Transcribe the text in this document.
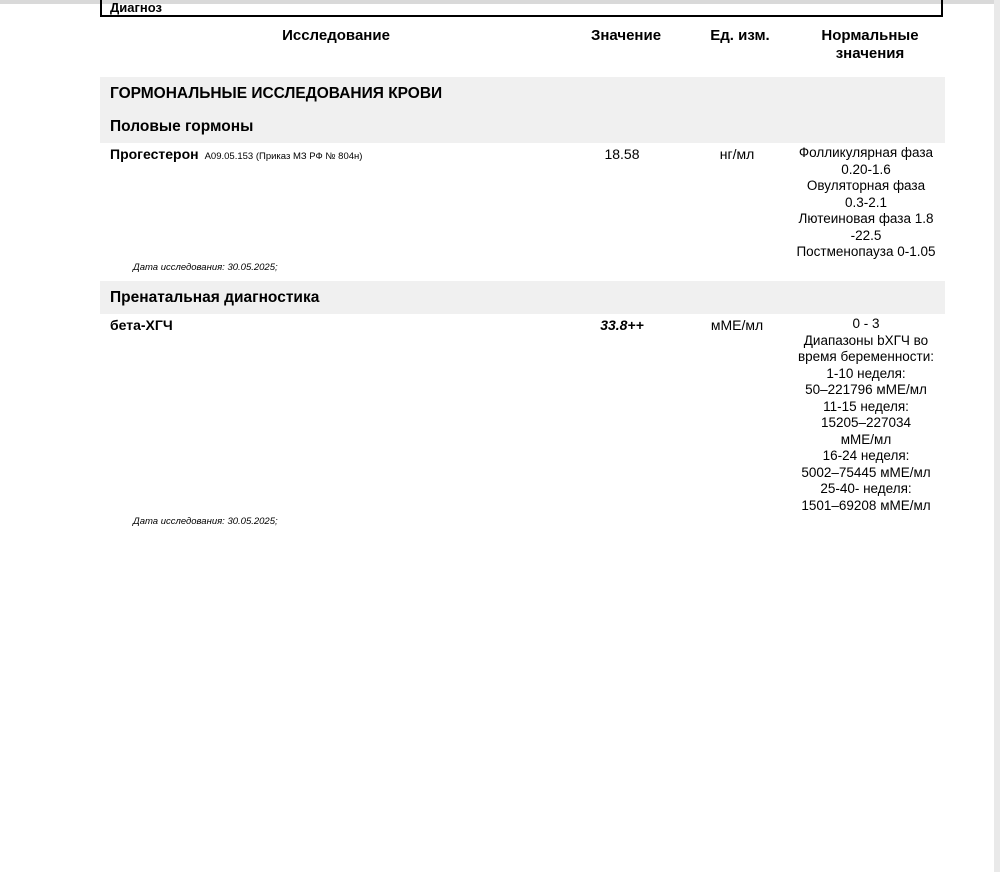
Диагноз
Исследование	Значение	Ед. изм.	Нормальные
значения
ГОРМОНАЛЬНЫЕ ИССЛЕДОВАНИЯ КРОВИ
Половые гормоны
Прогестерон A09.05.153 (Приказ МЗ РФ № 804н)	18.58	нг/мл	Фолликулярная фаза
0.20-1.6
Овуляторная фаза
0.3-2.1
Лютеиновая фаза 1.8
-22.5
Постменопауза 0-1.05
Дата исследования: 30.05.2025;
Пренатальная диагностика
бета-ХГЧ	33.8++	мМЕ/мл	0 - 3
Диапазоны bХГЧ во
время беременности:
1-10 неделя:
50–221796 мМЕ/мл
11-15 неделя:
15205–227034
мМЕ/мл
16-24 неделя:
5002–75445 мМЕ/мл
25-40- неделя:
1501–69208 мМЕ/мл
Дата исследования: 30.05.2025;
